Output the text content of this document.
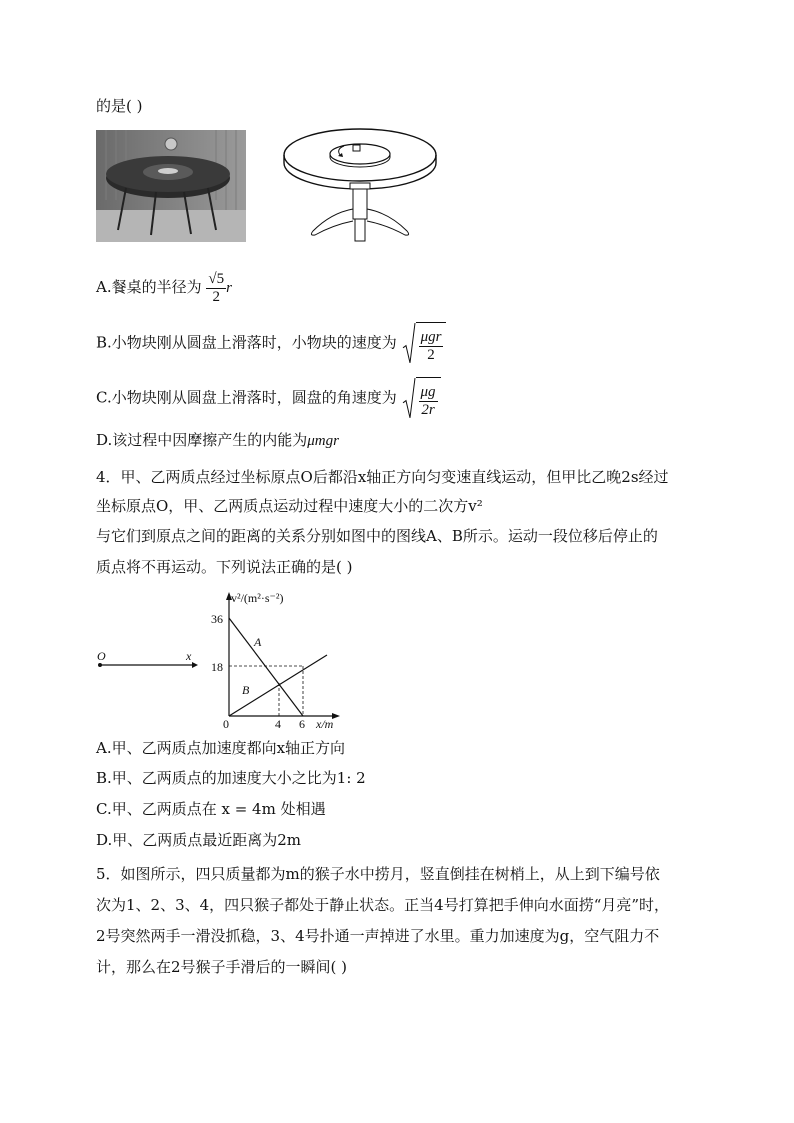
的是( )
A.餐桌的半径为 $\frac{√5}{2}$ r
B.小物块刚从圆盘上滑落时，小物块的速度为 $\frac{\text{μgr}}{2}$
C.小物块刚从圆盘上滑落时，圆盘的角速度为 $\frac{\mu g}{2r}$
D.该过程中因摩擦产生的内能为μmgr
4．甲、乙两质点经过坐标原点O后都沿x轴正方向匀变速直线运动，但甲比乙晚2s经过
坐标原点O，甲、乙两质点运动过程中速度大小的二次方v²
与它们到原点之间的距离的关系分别如图中的图线A、B所示。运动一段位移后停止的
质点将不再运动。下列说法正确的是( )
O	x
v²/(m²·s⁻²)
x/m
36
18
0	4 6
A
B
A.甲、乙两质点加速度都向x轴正方向
B.甲、乙两质点的加速度大小之比为1: 2
C.甲、乙两质点在 x = 4m 处相遇
D.甲、乙两质点最近距离为2m
5．如图所示，四只质量都为m的猴子水中捞月，竖直倒挂在树梢上，从上到下编号依
次为1、2、3、4，四只猴子都处于静止状态。正当4号打算把手伸向水面捞“月亮”时，
2号突然两手一滑没抓稳，3、4号扑通一声掉进了水里。重力加速度为g，空气阻力不
计，那么在2号猴子手滑后的一瞬间( )
